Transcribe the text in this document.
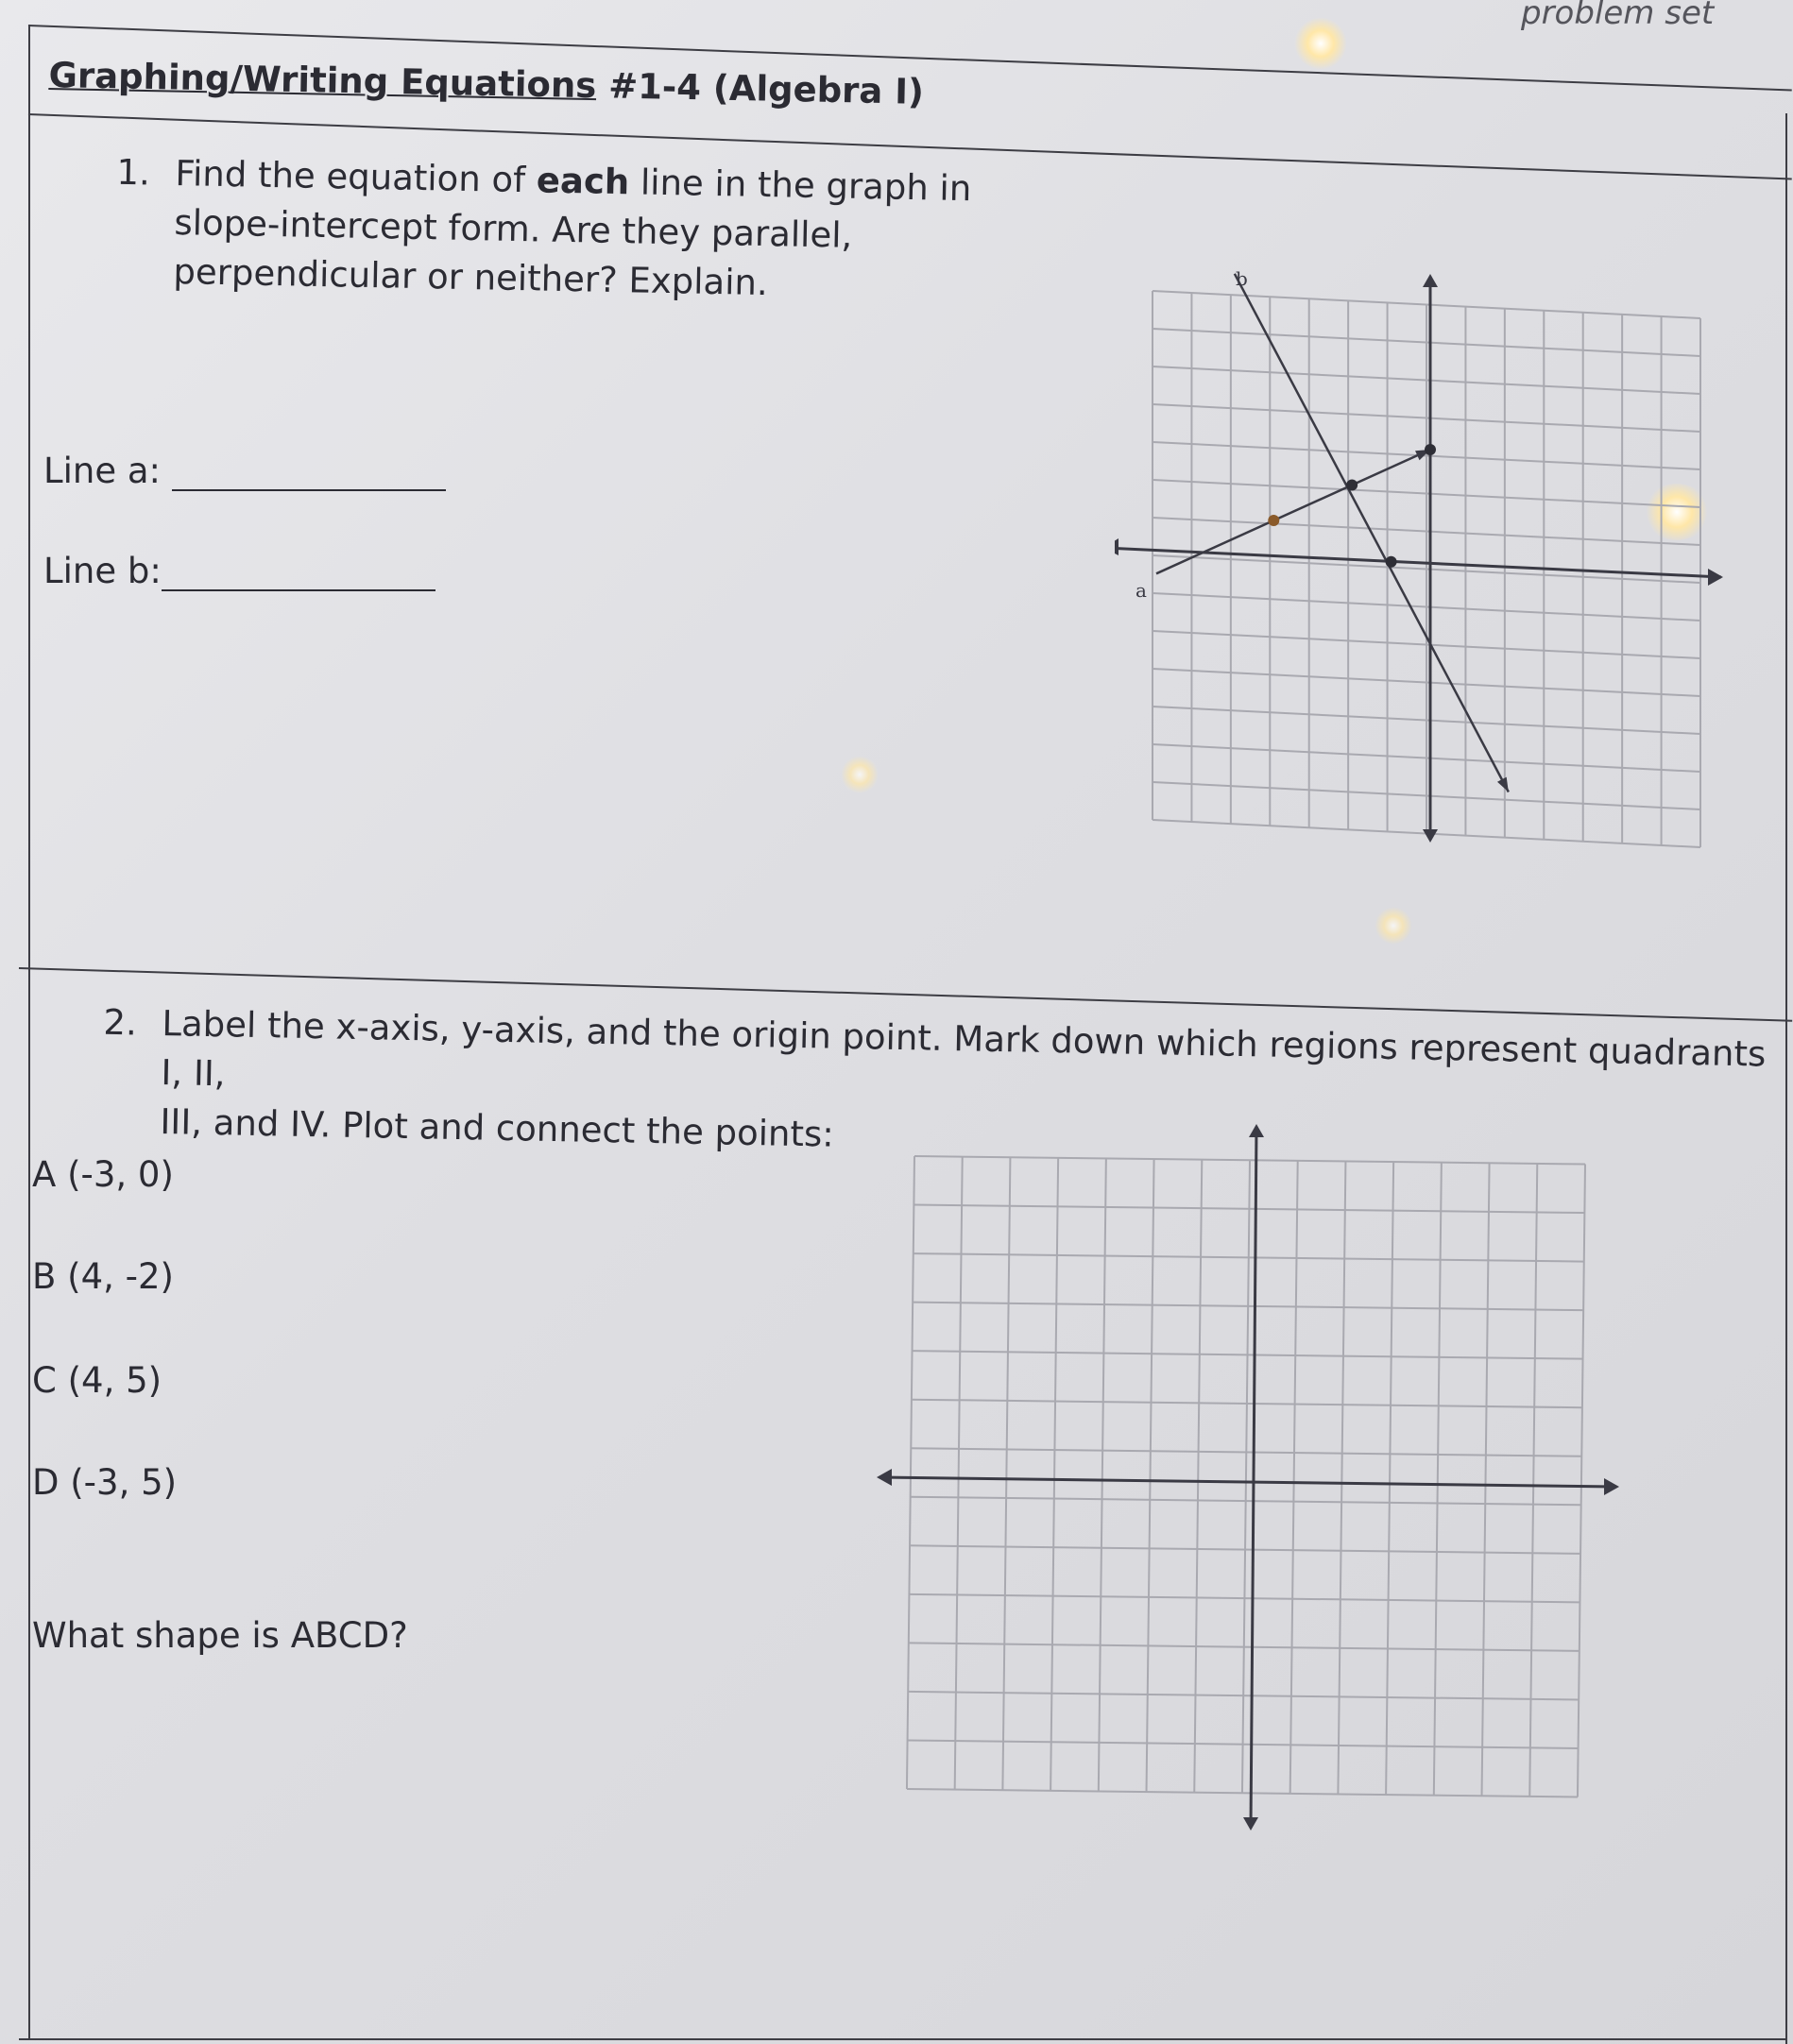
problem set
Graphing/Writing Equations #1-4 (Algebra I)
1. Find the equation of each line in the graph in
slope-intercept form. Are they parallel,
perpendicular or neither? Explain.
Line a:
Line b:	a
b
2. Label the x-axis, y-axis, and the origin point. Mark down which regions represent quadrants I, II,
III, and IV. Plot and connect the points:
A (-3, 0)
B (4, -2)
C (4, 5)
D (-3, 5)
What shape is ABCD?
